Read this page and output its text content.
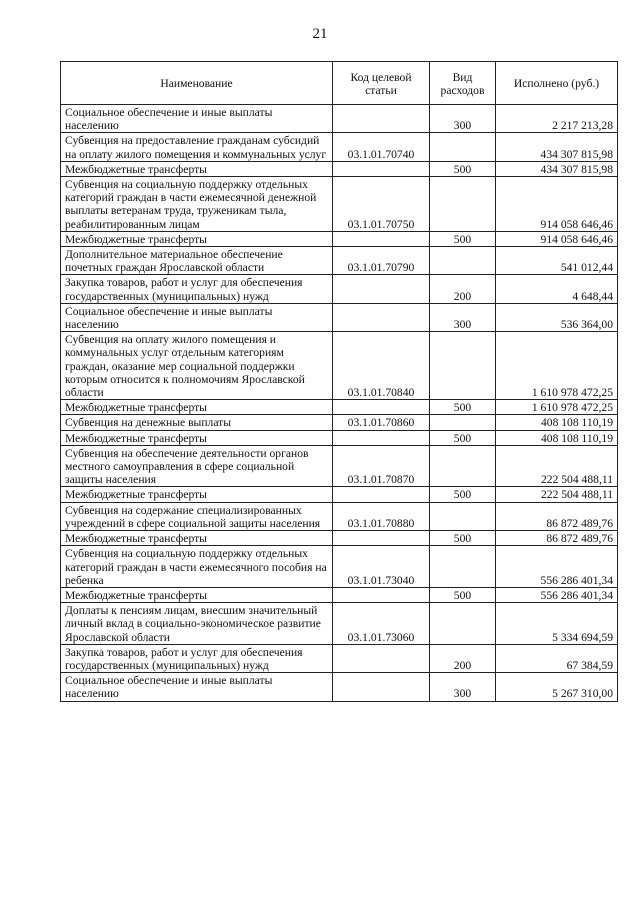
21
Наименование	Код целевой статьи	Вид расходов	Исполнено (руб.)
Социальное обеспечение и иные выплаты населению		300	2 217 213,28
Субвенция на предоставление гражданам субсидий на оплату жилого помещения и коммунальных услуг	03.1.01.70740		434 307 815,98
Межбюджетные трансферты		500	434 307 815,98
Субвенция на социальную поддержку отдельных категорий граждан в части ежемесячной денежной выплаты ветеранам труда, труженикам тыла, реабилитированным лицам	03.1.01.70750		914 058 646,46
Межбюджетные трансферты		500	914 058 646,46
Дополнительное материальное обеспечение почетных граждан Ярославской области	03.1.01.70790		541 012,44
Закупка товаров, работ и услуг для обеспечения государственных (муниципальных) нужд		200	4 648,44
Социальное обеспечение и иные выплаты населению		300	536 364,00
Субвенция на оплату жилого помещения и коммунальных услуг отдельным категориям граждан, оказание мер социальной поддержки которым относится к полномочиям Ярославской области	03.1.01.70840		1 610 978 472,25
Межбюджетные трансферты		500	1 610 978 472,25
Субвенция на денежные выплаты	03.1.01.70860		408 108 110,19
Межбюджетные трансферты		500	408 108 110,19
Субвенция на обеспечение деятельности органов местного самоуправления в сфере социальной защиты населения	03.1.01.70870		222 504 488,11
Межбюджетные трансферты		500	222 504 488,11
Субвенция на содержание специализированных учреждений в сфере социальной защиты населения	03.1.01.70880		86 872 489,76
Межбюджетные трансферты		500	86 872 489,76
Субвенция на социальную поддержку отдельных категорий граждан в части ежемесячного пособия на ребенка	03.1.01.73040		556 286 401,34
Межбюджетные трансферты		500	556 286 401,34
Доплаты к пенсиям лицам, внесшим значительный личный вклад в социально-экономическое развитие Ярославской области	03.1.01.73060		5 334 694,59
Закупка товаров, работ и услуг для обеспечения государственных (муниципальных) нужд		200	67 384,59
Социальное обеспечение и иные выплаты населению		300	5 267 310,00
